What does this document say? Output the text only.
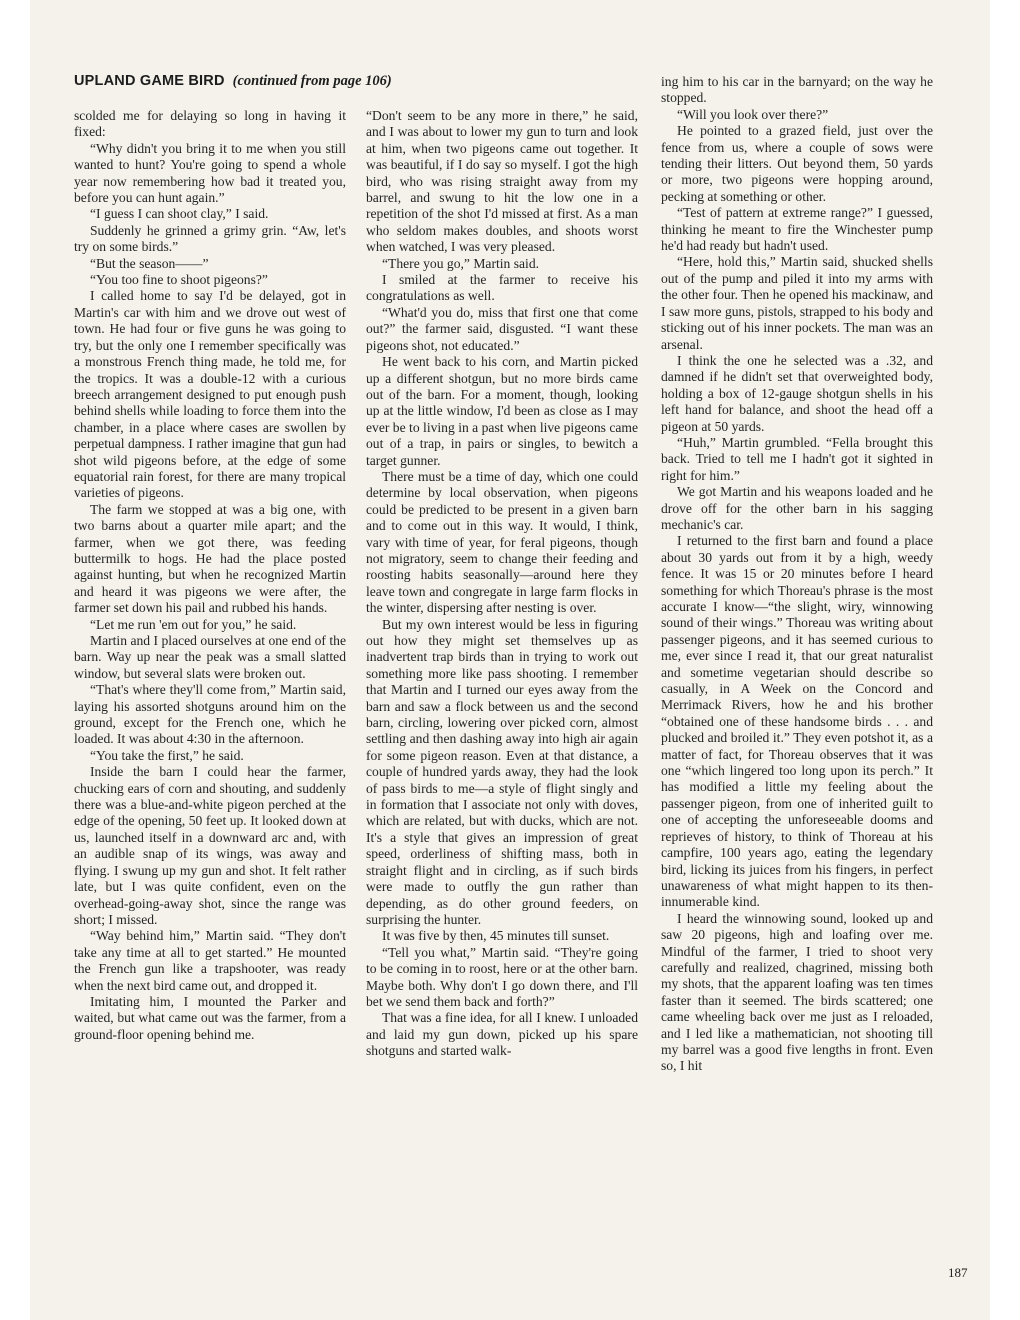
UPLAND GAME BIRD (continued from page 106)

scolded me for delaying so long in having it fixed:

“Why didn't you bring it to me when you still wanted to hunt? You're going to spend a whole year now remembering how bad it treated you, before you can hunt again.”

“I guess I can shoot clay,” I said.

Suddenly he grinned a grimy grin. “Aw, let's try on some birds.”

“But the season——”

“You too fine to shoot pigeons?”

I called home to say I'd be delayed, got in Martin's car with him and we drove out west of town. He had four or five guns he was going to try, but the only one I remember specifically was a monstrous French thing made, he told me, for the tropics. It was a double-12 with a curious breech arrangement designed to put enough push behind shells while loading to force them into the chamber, in a place where cases are swollen by perpetual dampness. I rather imagine that gun had shot wild pigeons before, at the edge of some equatorial rain forest, for there are many tropical varieties of pigeons.

The farm we stopped at was a big one, with two barns about a quarter mile apart; and the farmer, when we got there, was feeding buttermilk to hogs. He had the place posted against hunting, but when he recognized Martin and heard it was pigeons we were after, the farmer set down his pail and rubbed his hands.

“Let me run 'em out for you,” he said.

Martin and I placed ourselves at one end of the barn. Way up near the peak was a small slatted window, but several slats were broken out.

“That's where they'll come from,” Martin said, laying his assorted shotguns around him on the ground, except for the French one, which he loaded. It was about 4:30 in the afternoon.

“You take the first,” he said.

Inside the barn I could hear the farmer, chucking ears of corn and shouting, and suddenly there was a blue-and-white pigeon perched at the edge of the opening, 50 feet up. It looked down at us, launched itself in a downward arc and, with an audible snap of its wings, was away and flying. I swung up my gun and shot. It felt rather late, but I was quite confident, even on the overhead-going-away shot, since the range was short; I missed.

“Way behind him,” Martin said. “They don't take any time at all to get started.” He mounted the French gun like a trapshooter, was ready when the next bird came out, and dropped it.

Imitating him, I mounted the Parker and waited, but what came out was the farmer, from a ground-floor opening behind me.

“Don't seem to be any more in there,” he said, and I was about to lower my gun to turn and look at him, when two pigeons came out together. It was beautiful, if I do say so myself. I got the high bird, who was rising straight away from my barrel, and swung to hit the low one in a repetition of the shot I'd missed at first. As a man who seldom makes doubles, and shoots worst when watched, I was very pleased.

“There you go,” Martin said.

I smiled at the farmer to receive his congratulations as well.

“What'd you do, miss that first one that come out?” the farmer said, disgusted. “I want these pigeons shot, not educated.”

He went back to his corn, and Martin picked up a different shotgun, but no more birds came out of the barn. For a moment, though, looking up at the little window, I'd been as close as I may ever be to living in a past when live pigeons came out of a trap, in pairs or singles, to bewitch a target gunner.

There must be a time of day, which one could determine by local observation, when pigeons could be predicted to be present in a given barn and to come out in this way. It would, I think, vary with time of year, for feral pigeons, though not migratory, seem to change their feeding and roosting habits seasonally—around here they leave town and congregate in large farm flocks in the winter, dispersing after nesting is over.

But my own interest would be less in figuring out how they might set themselves up as inadvertent trap birds than in trying to work out something more like pass shooting. I remember that Martin and I turned our eyes away from the barn and saw a flock between us and the second barn, circling, lowering over picked corn, almost settling and then dashing away into high air again for some pigeon reason. Even at that distance, a couple of hundred yards away, they had the look of pass birds to me—a style of flight singly and in formation that I associate not only with doves, which are related, but with ducks, which are not. It's a style that gives an impression of great speed, orderliness of shifting mass, both in straight flight and in circling, as if such birds were made to outfly the gun rather than depending, as do other ground feeders, on surprising the hunter.

It was five by then, 45 minutes till sunset.

“Tell you what,” Martin said. “They're going to be coming in to roost, here or at the other barn. Maybe both. Why don't I go down there, and I'll bet we send them back and forth?”

That was a fine idea, for all I knew. I unloaded and laid my gun down, picked up his spare shotguns and started walk-

ing him to his car in the barnyard; on the way he stopped.

“Will you look over there?”

He pointed to a grazed field, just over the fence from us, where a couple of sows were tending their litters. Out beyond them, 50 yards or more, two pigeons were hopping around, pecking at something or other.

“Test of pattern at extreme range?” I guessed, thinking he meant to fire the Winchester pump he'd had ready but hadn't used.

“Here, hold this,” Martin said, shucked shells out of the pump and piled it into my arms with the other four. Then he opened his mackinaw, and I saw more guns, pistols, strapped to his body and sticking out of his inner pockets. The man was an arsenal.

I think the one he selected was a .32, and damned if he didn't set that overweighted body, holding a box of 12-gauge shotgun shells in his left hand for balance, and shoot the head off a pigeon at 50 yards.

“Huh,” Martin grumbled. “Fella brought this back. Tried to tell me I hadn't got it sighted in right for him.”

We got Martin and his weapons loaded and he drove off for the other barn in his sagging mechanic's car.

I returned to the first barn and found a place about 30 yards out from it by a high, weedy fence. It was 15 or 20 minutes before I heard something for which Thoreau's phrase is the most accurate I know—“the slight, wiry, winnowing sound of their wings.” Thoreau was writing about passenger pigeons, and it has seemed curious to me, ever since I read it, that our great naturalist and sometime vegetarian should describe so casually, in A Week on the Concord and Merrimack Rivers, how he and his brother “obtained one of these handsome birds . . . and plucked and broiled it.” They even potshot it, as a matter of fact, for Thoreau observes that it was one “which lingered too long upon its perch.” It has modified a little my feeling about the passenger pigeon, from one of inherited guilt to one of accepting the unforeseeable dooms and reprieves of history, to think of Thoreau at his campfire, 100 years ago, eating the legendary bird, licking its juices from his fingers, in perfect unawareness of what might happen to its then-innumerable kind.

I heard the winnowing sound, looked up and saw 20 pigeons, high and loafing over me. Mindful of the farmer, I tried to shoot very carefully and realized, chagrined, missing both my shots, that the apparent loafing was ten times faster than it seemed. The birds scattered; one came wheeling back over me just as I reloaded, and I led like a mathematician, not shooting till my barrel was a good five lengths in front. Even so, I hit

187
